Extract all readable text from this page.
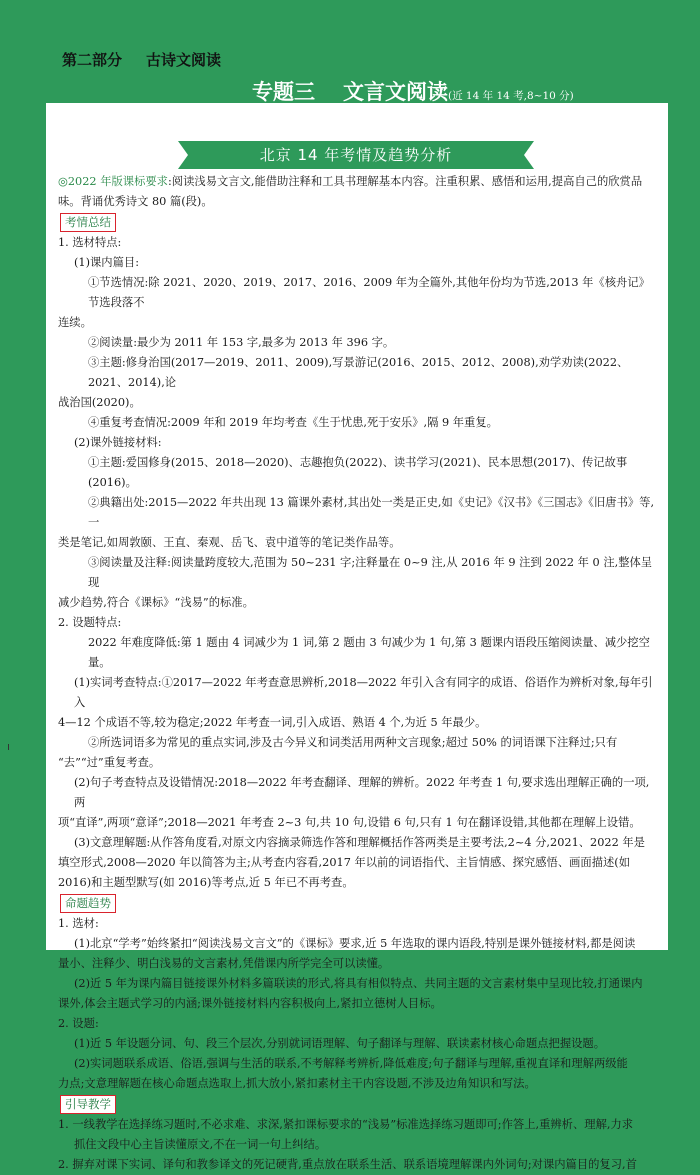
第二部分 古诗文阅读
专题三 文言文阅读(近 14 年 14 考,8~10 分)
北京 14 年考情及趋势分析

◎2022 年版课标要求:阅读浅易文言文,能借助注释和工具书理解基本内容。注重积累、感悟和运用,提高自己的欣赏品

味。背诵优秀诗文 80 篇(段)。

考情总结

1. 选材特点:

(1)课内篇目:

①节选情况:除 2021、2020、2019、2017、2016、2009 年为全篇外,其他年份均为节选,2013 年《核舟记》节选段落不

连续。

②阅读量:最少为 2011 年 153 字,最多为 2013 年 396 字。

③主题:修身治国(2017—2019、2011、2009),写景游记(2016、2015、2012、2008),劝学劝读(2022、2021、2014),论

战治国(2020)。

④重复考查情况:2009 年和 2019 年均考查《生于忧患,死于安乐》,隔 9 年重复。

(2)课外链接材料:

①主题:爱国修身(2015、2018—2020)、志趣抱负(2022)、读书学习(2021)、民本思想(2017)、传记故事(2016)。

②典籍出处:2015—2022 年共出现 13 篇课外素材,其出处一类是正史,如《史记》《汉书》《三国志》《旧唐书》等,一

类是笔记,如周敦颐、王直、秦观、岳飞、袁中道等的笔记类作品等。

③阅读量及注释:阅读量跨度较大,范围为 50~231 字;注释量在 0~9 注,从 2016 年 9 注到 2022 年 0 注,整体呈现

减少趋势,符合《课标》“浅易”的标准。

2. 设题特点:

2022 年难度降低:第 1 题由 4 词减少为 1 词,第 2 题由 3 句减少为 1 句,第 3 题课内语段压缩阅读量、减少挖空量。

(1)实词考查特点:①2017—2022 年考查意思辨析,2018—2022 年引入含有同字的成语、俗语作为辨析对象,每年引入

4—12 个成语不等,较为稳定;2022 年考查一词,引入成语、熟语 4 个,为近 5 年最少。

②所选词语多为常见的重点实词,涉及古今异义和词类活用两种文言现象;超过 50% 的词语课下注释过;只有

“去”“过”重复考查。

(2)句子考查特点及设错情况:2018—2022 年考查翻译、理解的辨析。2022 年考查 1 句,要求选出理解正确的一项,两

项“直译”,两项“意译”;2018—2021 年考查 2~3 句,共 10 句,设错 6 句,只有 1 句在翻译设错,其他都在理解上设错。

(3)文意理解题:从作答角度看,对原文内容摘录筛选作答和理解概括作答两类是主要考法,2~4 分,2021、2022 年是

填空形式,2008—2020 年以简答为主;从考查内容看,2017 年以前的词语指代、主旨情感、探究感悟、画面描述(如

2016)和主题型默写(如 2016)等考点,近 5 年已不再考查。

命题趋势

1. 选材:

(1)北京“学考”始终紧扣“阅读浅易文言文”的《课标》要求,近 5 年选取的课内语段,特别是课外链接材料,都是阅读

量小、注释少、明白浅易的文言素材,凭借课内所学完全可以读懂。

(2)近 5 年为课内篇目链接课外材料多篇联读的形式,将具有相似特点、共同主题的文言素材集中呈现比较,打通课内

课外,体会主题式学习的内涵;课外链接材料内容积极向上,紧扣立德树人目标。

2. 设题:

(1)近 5 年设题分词、句、段三个层次,分别就词语理解、句子翻译与理解、联读素材核心命题点把握设题。

(2)实词题联系成语、俗语,强调与生活的联系,不考解释考辨析,降低难度;句子翻译与理解,重视直译和理解两级能

力点;文意理解题在核心命题点选取上,抓大放小,紧扣素材主干内容设题,不涉及边角知识和写法。

引导教学

1. 一线教学在选择练习题时,不必求难、求深,紧扣课标要求的“浅易”标准选择练习题即可;作答上,重辨析、理解,力求

抓住文段中心主旨读懂原文,不在一词一句上纠结。

2. 摒弃对课下实词、译句和教参译文的死记硬背,重点放在联系生活、联系语境理解课内外词句;对课内篇目的复习,首
